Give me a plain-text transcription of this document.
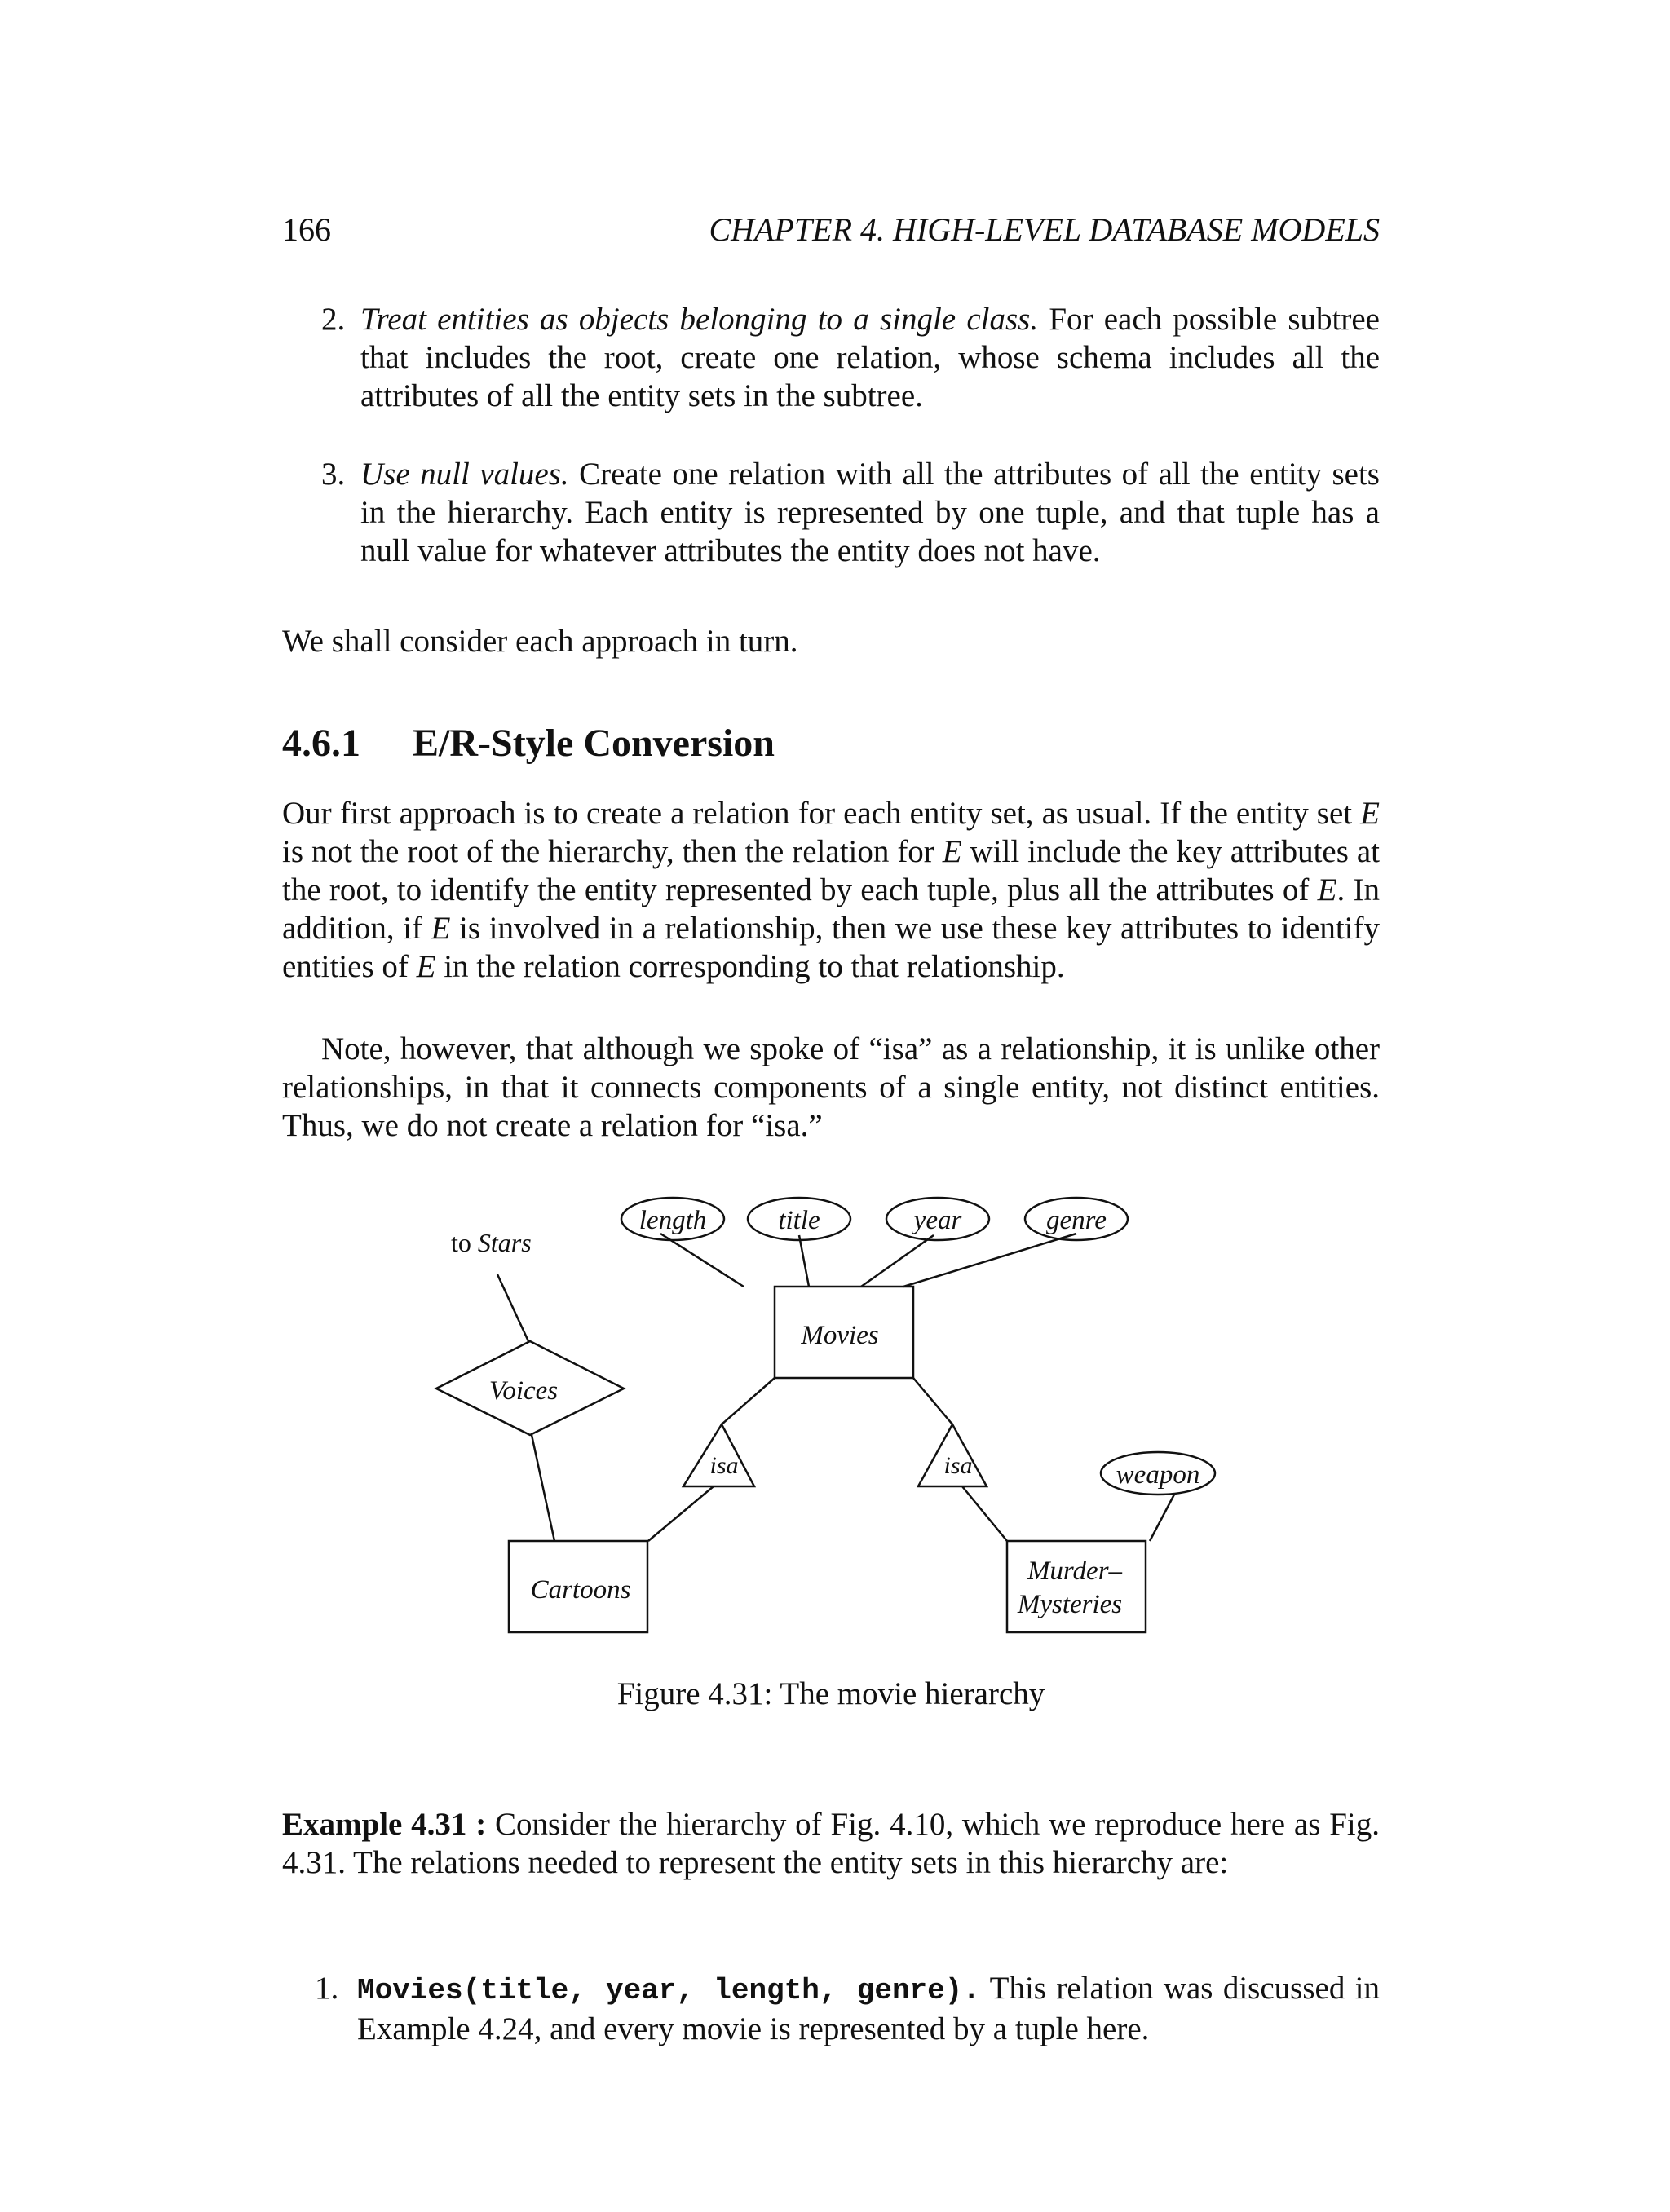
166	CHAPTER 4. HIGH-LEVEL DATABASE MODELS
2. Treat entities as objects belonging to a single class. For each possible subtree that includes the root, create one relation, whose schema includes all the attributes of all the entity sets in the subtree.
3. Use null values. Create one relation with all the attributes of all the entity sets in the hierarchy. Each entity is represented by one tuple, and that tuple has a null value for whatever attributes the entity does not have.
We shall consider each approach in turn.
4.6.1 E/R-Style Conversion
Our first approach is to create a relation for each entity set, as usual. If the entity set E is not the root of the hierarchy, then the relation for E will include the key attributes at the root, to identify the entity represented by each tuple, plus all the attributes of E. In addition, if E is involved in a relationship, then we use these key attributes to identify entities of E in the relation corresponding to that relationship.
Note, however, that although we spoke of “isa” as a relationship, it is unlike other relationships, in that it connects components of a single entity, not distinct entities. Thus, we do not create a relation for “isa.”
length	title	year	genre
weapon
Movies
Cartoons
Murder–
Mysteries
Voices
isa	isa
to Stars
Figure 4.31: The movie hierarchy
Example 4.31 : Consider the hierarchy of Fig. 4.10, which we reproduce here as Fig. 4.31. The relations needed to represent the entity sets in this hierarchy are:
1. Movies(title, year, length, genre). This relation was discussed in Example 4.24, and every movie is represented by a tuple here.
